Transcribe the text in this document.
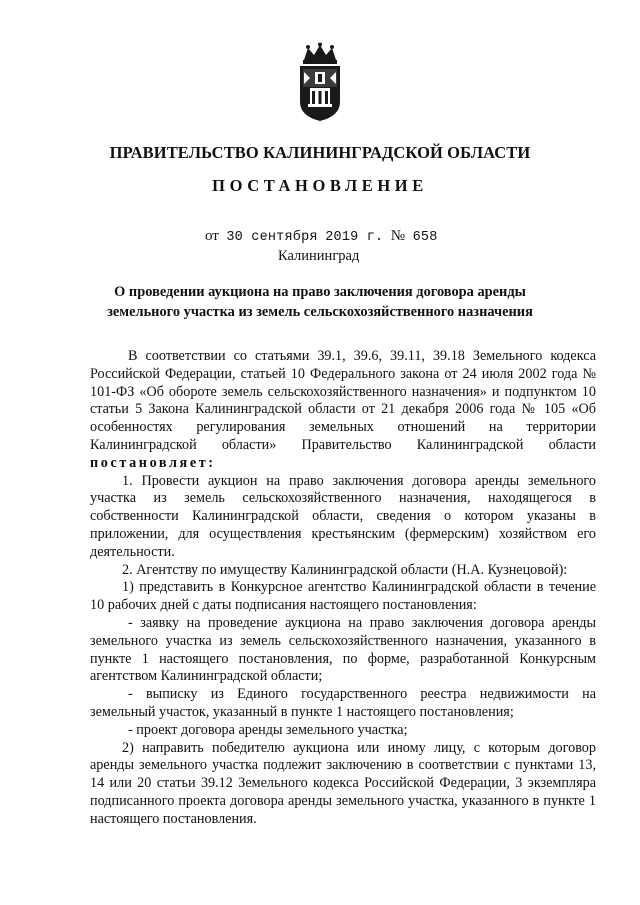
ПРАВИТЕЛЬСТВО КАЛИНИНГРАДСКОЙ ОБЛАСТИ
ПОСТАНОВЛЕНИЕ
от 30 сентября 2019 г. № 658
Калининград
О проведении аукциона на право заключения договора аренды
земельного участка из земель сельскохозяйственного назначения

В соответствии со статьями 39.1, 39.6, 39.11, 39.18 Земельного кодекса Российской Федерации, статьей 10 Федерального закона от 24 июля 2002 года № 101-ФЗ «Об обороте земель сельскохозяйственного назначения» и подпунктом 10 статьи 5 Закона Калининградской области от 21 декабря 2006 года № 105 «Об особенностях регулирования земельных отношений на территории Калининградской области» Правительство Калининградской области постановляет:

1. Провести аукцион на право заключения договора аренды земельного участка из земель сельскохозяйственного назначения, находящегося в собственности Калининградской области, сведения о котором указаны в приложении, для осуществления крестьянским (фермерским) хозяйством его деятельности.

2. Агентству по имуществу Калининградской области (Н.А. Кузнецовой):

1) представить в Конкурсное агентство Калининградской области в течение 10 рабочих дней с даты подписания настоящего постановления:

- заявку на проведение аукциона на право заключения договора аренды земельного участка из земель сельскохозяйственного назначения, указанного в пункте 1 настоящего постановления, по форме, разработанной Конкурсным агентством Калининградской области;

- выписку из Единого государственного реестра недвижимости на земельный участок, указанный в пункте 1 настоящего постановления;

- проект договора аренды земельного участка;

2) направить победителю аукциона или иному лицу, с которым договор аренды земельного участка подлежит заключению в соответствии с пунктами 13, 14 или 20 статьи 39.12 Земельного кодекса Российской Федерации, 3 экземпляра подписанного проекта договора аренды земельного участка, указанного в пункте 1 настоящего постановления.
